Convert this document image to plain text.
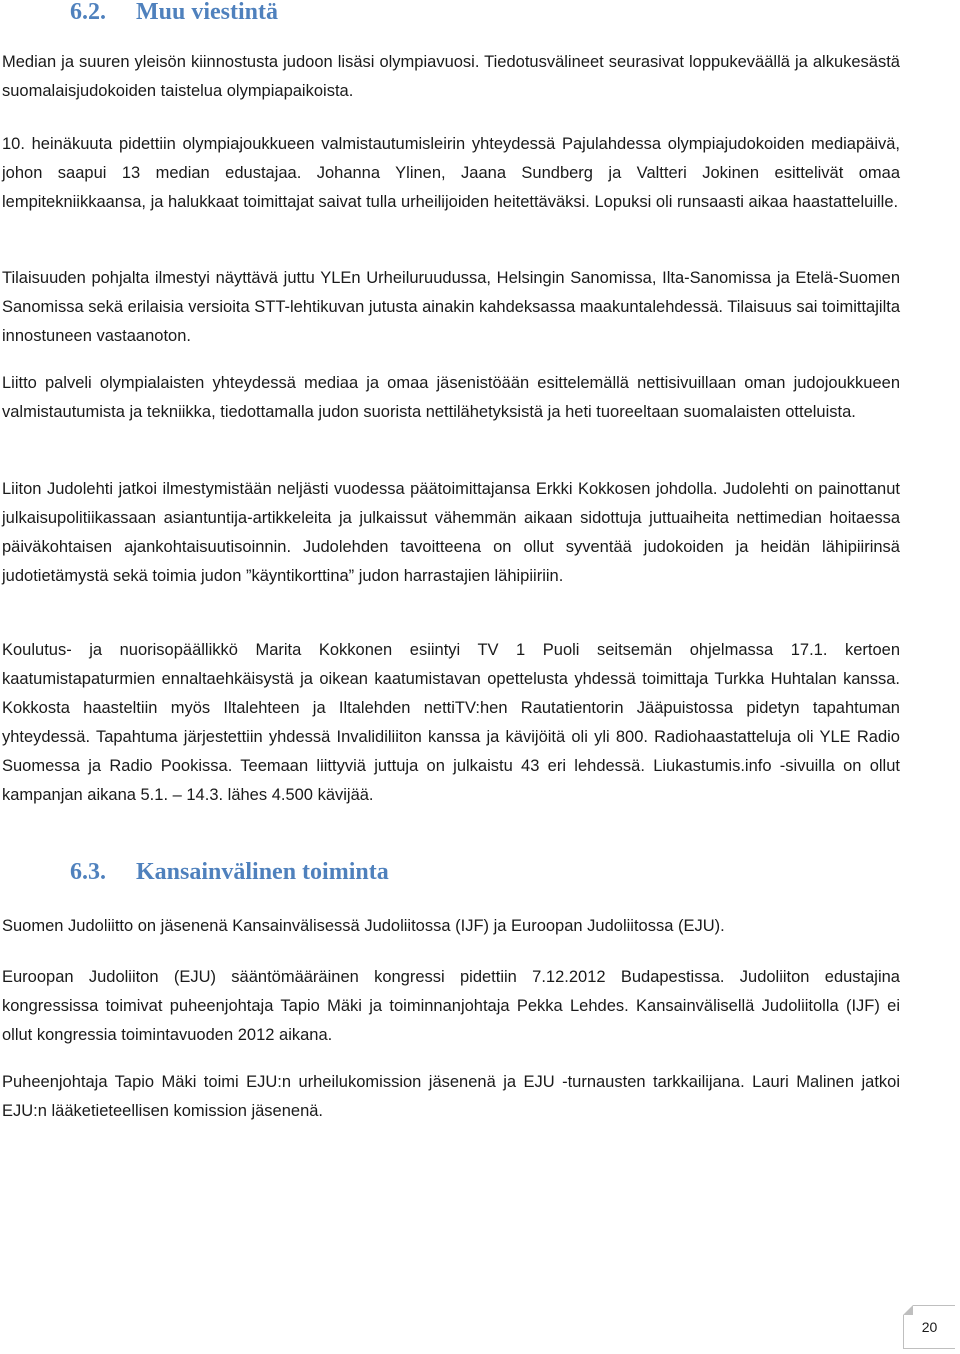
6.2. Muu viestintä

Median ja suuren yleisön kiinnostusta judoon lisäsi olympiavuosi. Tiedotusvälineet seurasivat loppukeväällä ja alkukesästä suomalaisjudokoiden taistelua olympiapaikoista.

10. heinäkuuta pidettiin olympiajoukkueen valmistautumisleirin yhteydessä Pajulahdessa olympiajudokoiden mediapäivä, johon saapui 13 median edustajaa. Johanna Ylinen, Jaana Sundberg ja Valtteri Jokinen esittelivät omaa lempitekniikkaansa, ja halukkaat toimittajat saivat tulla urheilijoiden heitettäväksi. Lopuksi oli runsaasti aikaa haastatteluille.

Tilaisuuden pohjalta ilmestyi näyttävä juttu YLEn Urheiluruudussa, Helsingin Sanomissa, Ilta-Sanomissa ja Etelä-Suomen Sanomissa sekä erilaisia versioita STT-lehtikuvan jutusta ainakin kahdeksassa maakuntalehdessä. Tilaisuus sai toimittajilta innostuneen vastaanoton.

Liitto palveli olympialaisten yhteydessä mediaa ja omaa jäsenistöään esittelemällä nettisivuillaan oman judojoukkueen valmistautumista ja tekniikka, tiedottamalla judon suorista nettilähetyksistä ja heti tuoreeltaan suomalaisten otteluista.

Liiton Judolehti jatkoi ilmestymistään neljästi vuodessa päätoimittajansa Erkki Kokkosen johdolla. Judolehti on painottanut julkaisupolitiikassaan asiantuntija-artikkeleita ja julkaissut vähemmän aikaan sidottuja juttuaiheita nettimedian hoitaessa päiväkohtaisen ajankohtaisuutisoinnin. Judolehden tavoitteena on ollut syventää judokoiden ja heidän lähipiirinsä judotietämystä sekä toimia judon ”käyntikorttina” judon harrastajien lähipiiriin.

Koulutus- ja nuorisopäällikkö Marita Kokkonen esiintyi TV 1 Puoli seitsemän ohjelmassa 17.1. kertoen kaatumistapaturmien ennaltaehkäisystä ja oikean kaatumistavan opettelusta yhdessä toimittaja Turkka Huhtalan kanssa. Kokkosta haasteltiin myös Iltalehteen ja Iltalehden nettiTV:hen Rautatientorin Jääpuistossa pidetyn tapahtuman yhteydessä. Tapahtuma järjestettiin yhdessä Invalidiliiton kanssa ja kävijöitä oli yli 800. Radiohaastatteluja oli YLE Radio Suomessa ja Radio Pookissa. Teemaan liittyviä juttuja on julkaistu 43 eri lehdessä. Liukastumis.info -sivuilla on ollut kampanjan aikana 5.1. – 14.3. lähes 4.500 kävijää.

6.3. Kansainvälinen toiminta

Suomen Judoliitto on jäsenenä Kansainvälisessä Judoliitossa (IJF) ja Euroopan Judoliitossa (EJU).

Euroopan Judoliiton (EJU) sääntömääräinen kongressi pidettiin 7.12.2012 Budapestissa. Judoliiton edustajina kongressissa toimivat puheenjohtaja Tapio Mäki ja toiminnanjohtaja Pekka Lehdes. Kansainvälisellä Judoliitolla (IJF) ei ollut kongressia toimintavuoden 2012 aikana.

Puheenjohtaja Tapio Mäki toimi EJU:n urheilukomission jäsenenä ja EJU -turnausten tarkkailijana. Lauri Malinen jatkoi EJU:n lääketieteellisen komission jäsenenä.

20
